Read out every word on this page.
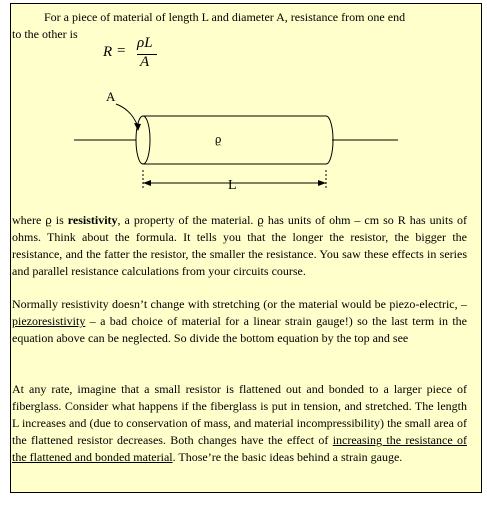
For a piece of material of length L and diameter A, resistance from one end
to the other is

R = ρL
A
A
ϱ
L

where ϱ is resistivity, a property of the material. ϱ has units of ohm – cm so R has units of ohms. Think about the formula. It tells you that the longer the resistor, the bigger the resistance, and the fatter the resistor, the smaller the resistance. You saw these effects in series and parallel resistance calculations from your circuits course.

Normally resistivity doesn’t change with stretching (or the material would be piezo-electric, – piezoresistivity – a bad choice of material for a linear strain gauge!) so the last term in the equation above can be neglected. So divide the bottom equation by the top and see

At any rate, imagine that a small resistor is flattened out and bonded to a larger piece of fiberglass. Consider what happens if the fiberglass is put in tension, and stretched. The length L increases and (due to conservation of mass, and material incompressibility) the small area of the flattened resistor decreases. Both changes have the effect of increasing the resistance of the flattened and bonded material. Those’re the basic ideas behind a strain gauge.
